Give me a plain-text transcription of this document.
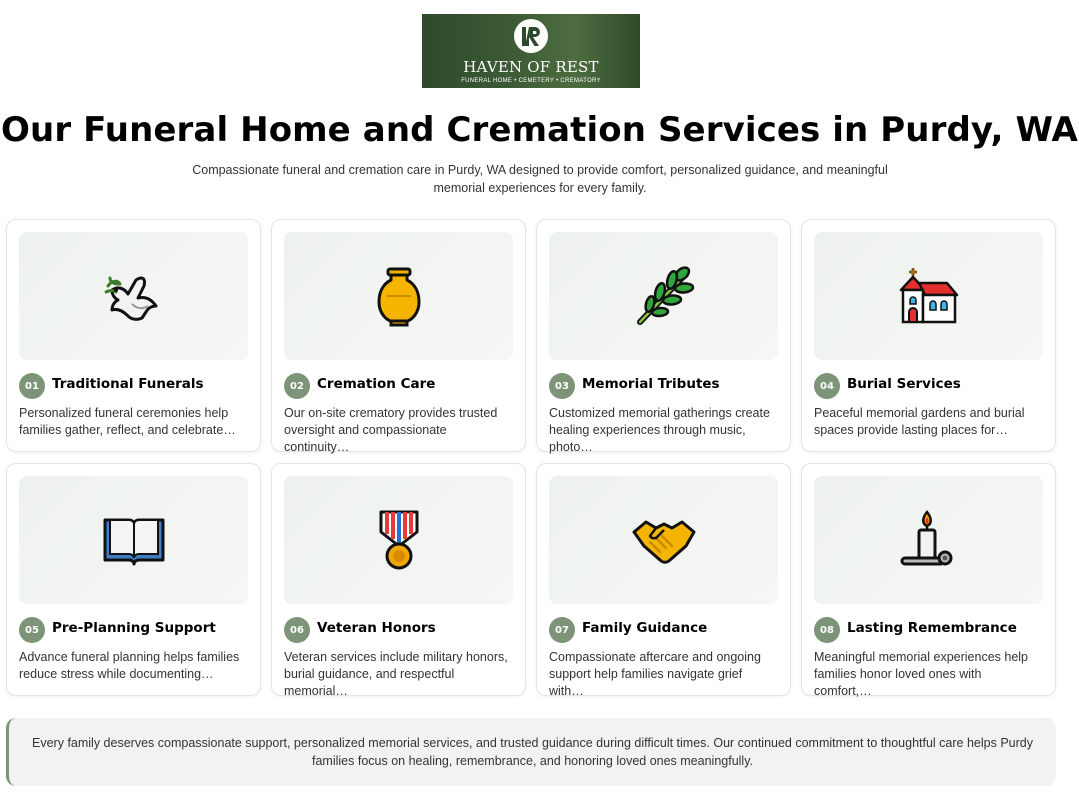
HAVEN OF REST
FUNERAL HOME • CEMETERY • CREMATORY
Our Funeral Home and Cremation Services in Purdy, WA

Compassionate funeral and cremation care in Purdy, WA designed to provide comfort, personalized guidance, and meaningful memorial experiences for every family.

01 Traditional Funerals
Personalized funeral ceremonies help families gather, reflect, and celebrate…
02 Cremation Care
Our on-site crematory provides trusted oversight and compassionate continuity…
03 Memorial Tributes
Customized memorial gatherings create healing experiences through music, photo…
04 Burial Services
Peaceful memorial gardens and burial spaces provide lasting places for…
05 Pre-Planning Support
Advance funeral planning helps families reduce stress while documenting…
06 Veteran Honors
Veteran services include military honors, burial guidance, and respectful memorial…
07 Family Guidance
Compassionate aftercare and ongoing support help families navigate grief with…
08 Lasting Remembrance
Meaningful memorial experiences help families honor loved ones with comfort,…

Every family deserves compassionate support, personalized memorial services, and trusted guidance during difficult times. Our continued commitment to thoughtful care helps Purdy families focus on healing, remembrance, and honoring loved ones meaningfully.
